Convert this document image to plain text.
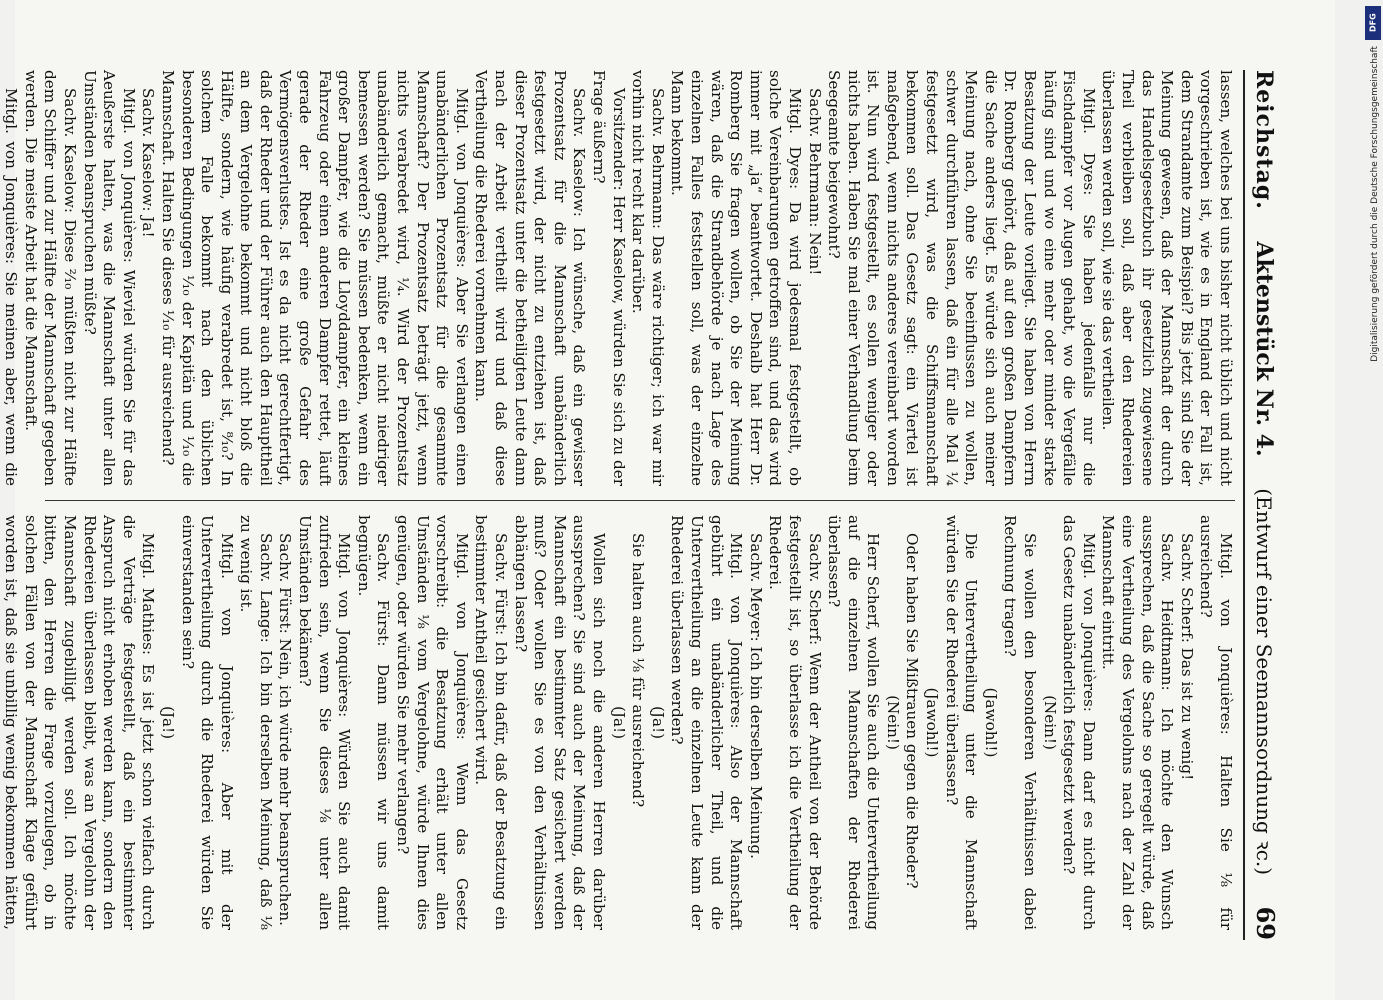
Reichstag.
Aktenstück Nr. 4.
(Entwurf einer Seemannsordnung ꝛc.)
69

lassen, welches bei uns bisher nicht üblich und nicht vorgeschrieben ist, wie es in England der Fall ist, dem Strandamte zum Beispiel? Bis jetzt sind Sie der Meinung gewesen, daß der Mannschaft der durch das Handelsgesetzbuch ihr gesetzlich zugewiesene Theil verbleiben soll, daß aber den Rhedereien überlassen werden soll, wie sie das vertheilen.

Mitgl. Dyes: Sie haben jedenfalls nur die Fischdampfer vor Augen gehabt, wo die Vergefälle häufig sind und wo eine mehr oder minder starke Besatzung der Leute vorliegt. Sie haben von Herrn Dr. Romberg gehört, daß auf den großen Dampfern die Sache anders liegt. Es würde sich auch meiner Meinung nach, ohne Sie beeinflussen zu wollen, schwer durchführen lassen, daß ein für alle Mal ¼ festgesetzt wird, was die Schiffsmannschaft bekommen soll. Das Gesetz sagt: ein Viertel ist maßgebend, wenn nichts anderes vereinbart worden ist. Nun wird festgestellt, es sollen weniger oder nichts haben. Haben Sie mal einer Verhandlung beim Seegeamte beigewohnt?

Sachv. Behrmann: Nein!

Mitgl. Dyes: Da wird jedesmal festgestellt, ob solche Vereinbarungen getroffen sind, und das wird immer mit „ja“ beantwortet. Deshalb hat Herr Dr. Romberg Sie fragen wollen, ob Sie der Meinung wären, daß die Strandbehörde je nach Lage des einzelnen Falles feststellen soll, was der einzelne Mann bekommt.

Sachv. Behrmann: Das wäre richtiger; ich war mir vorhin nicht recht klar darüber.

Vorsitzender: Herr Kaselow, würden Sie sich zu der Frage äußern?

Sachv. Kaselow: Ich wünsche, daß ein gewisser Prozentsatz für die Mannschaft unabänderlich festgesetzt wird, der nicht zu entziehen ist, daß dieser Prozentsatz unter die betheiligten Leute dann nach der Arbeit vertheilt wird und daß diese Vertheilung die Rhederei vornehmen kann.

Mitgl. von Jonquières: Aber Sie verlangen einen unabänderlichen Prozentsatz für die gesammte Mannschaft? Der Prozentsatz beträgt jetzt, wenn nichts verabredet wird, ¼. Wird der Prozentsatz unabänderlich gemacht, müßte er nicht niedriger bemessen werden? Sie müssen bedenken, wenn ein großer Dampfer, wie die Lloyddampfer, ein kleines Fahrzeug oder einen anderen Dampfer rettet, läuft gerade der Rheder eine große Gefahr des Vermögensverlustes. Ist es da nicht gerechtfertigt, daß der Rheder und der Führer auch den Haupttheil an dem Vergelohne bekommt und nicht bloß die Hälfte, sondern, wie häufig verabredet ist, ⁸⁄₁₀? In solchem Falle bekommt nach den üblichen besonderen Bedingungen ¹⁄₁₀ der Kapitän und ¹⁄₁₀ die Mannschaft. Halten Sie dieses ¹⁄₁₀ für ausreichend?

Sachv. Kaselow: Ja!

Mitgl. von Jonquières: Wieviel würden Sie für das Aeußerste halten, was die Mannschaft unter allen Umständen beanspruchen müßte?

Sachv. Kaselow: Diese ²⁄₁₀ müßten nicht zur Hälfte dem Schiffer und zur Hälfte der Mannschaft gegeben werden. Die meiste Arbeit hat die Mannschaft.

Mitgl. von Jonquières: Sie meinen aber, wenn die

Mitgl. von Jonquières: Halten Sie ⅛ für ausreichend?

Sachv. Scherf: Das ist zu wenig!

Sachv. Heidtmann: Ich möchte den Wunsch aussprechen, daß die Sache so geregelt würde, daß eine Vertheilung des Vergelohns nach der Zahl der Mannschaft eintritt.

Mitgl. von Jonquières: Dann darf es nicht durch das Gesetz unabänderlich festgesetzt werden?

(Nein!)

Sie wollen den besonderen Verhältnissen dabei Rechnung tragen?

(Jawohl!)

Die Untervertheilung unter die Mannschaft würden Sie der Rhederei überlassen?

(Jawohl!)

Oder haben Sie Mißtrauen gegen die Rheder?

(Nein!)

Herr Scherf, wollen Sie auch die Untervertheilung auf die einzelnen Mannschaften der Rhederei überlassen?

Sachv. Scherf: Wenn der Antheil von der Behörde festgestellt ist, so überlasse ich die Vertheilung der Rhederei.

Sachv. Meyer: Ich bin derselben Meinung.

Mitgl. von Jonquières: Also der Mannschaft gebührt ein unabänderlicher Theil, und die Untervertheilung an die einzelnen Leute kann der Rhederei überlassen werden?

(Ja!)

Sie halten auch ⅛ für ausreichend?

(Ja!)

Wollen sich noch die anderen Herren darüber aussprechen? Sie sind auch der Meinung, daß der Mannschaft ein bestimmter Satz gesichert werden muß? Oder wollen Sie es von den Verhältnissen abhängen lassen?

Sachv. Fürst: Ich bin dafür, daß der Besatzung ein bestimmter Antheil gesichert wird.

Mitgl. von Jonquières: Wenn das Gesetz vorschreibt: die Besatzung erhält unter allen Umständen ⅛ vom Vergelohne, würde Ihnen dies genügen, oder würden Sie mehr verlangen?

Sachv. Fürst: Dann müssen wir uns damit begnügen.

Mitgl. von Jonquières: Würden Sie auch damit zufrieden sein, wenn Sie dieses ⅛ unter allen Umständen bekämen?

Sachv. Fürst: Nein, ich würde mehr beanspruchen.

Sachv. Lange: Ich bin derselben Meinung, daß ⅛ zu wenig ist.

Mitgl. von Jonquières: Aber mit der Untervertheilung durch die Rhederei würden Sie einverstanden sein?

(Ja!)

Mitgl. Mathies: Es ist jetzt schon vielfach durch die Verträge festgestellt, daß ein bestimmter Anspruch nicht erhoben werden kann, sondern den Rhedereien überlassen bleibt, was an Vergelohn der Mannschaft zugebilligt werden soll. Ich möchte bitten, den Herren die Frage vorzulegen, ob in solchen Fällen von der Mannschaft Klage geführt worden ist, daß sie unbillig wenig bekommen hätten,

DFG
Digitalisierung gefördert durch die Deutsche Forschungsgemeinschaft
